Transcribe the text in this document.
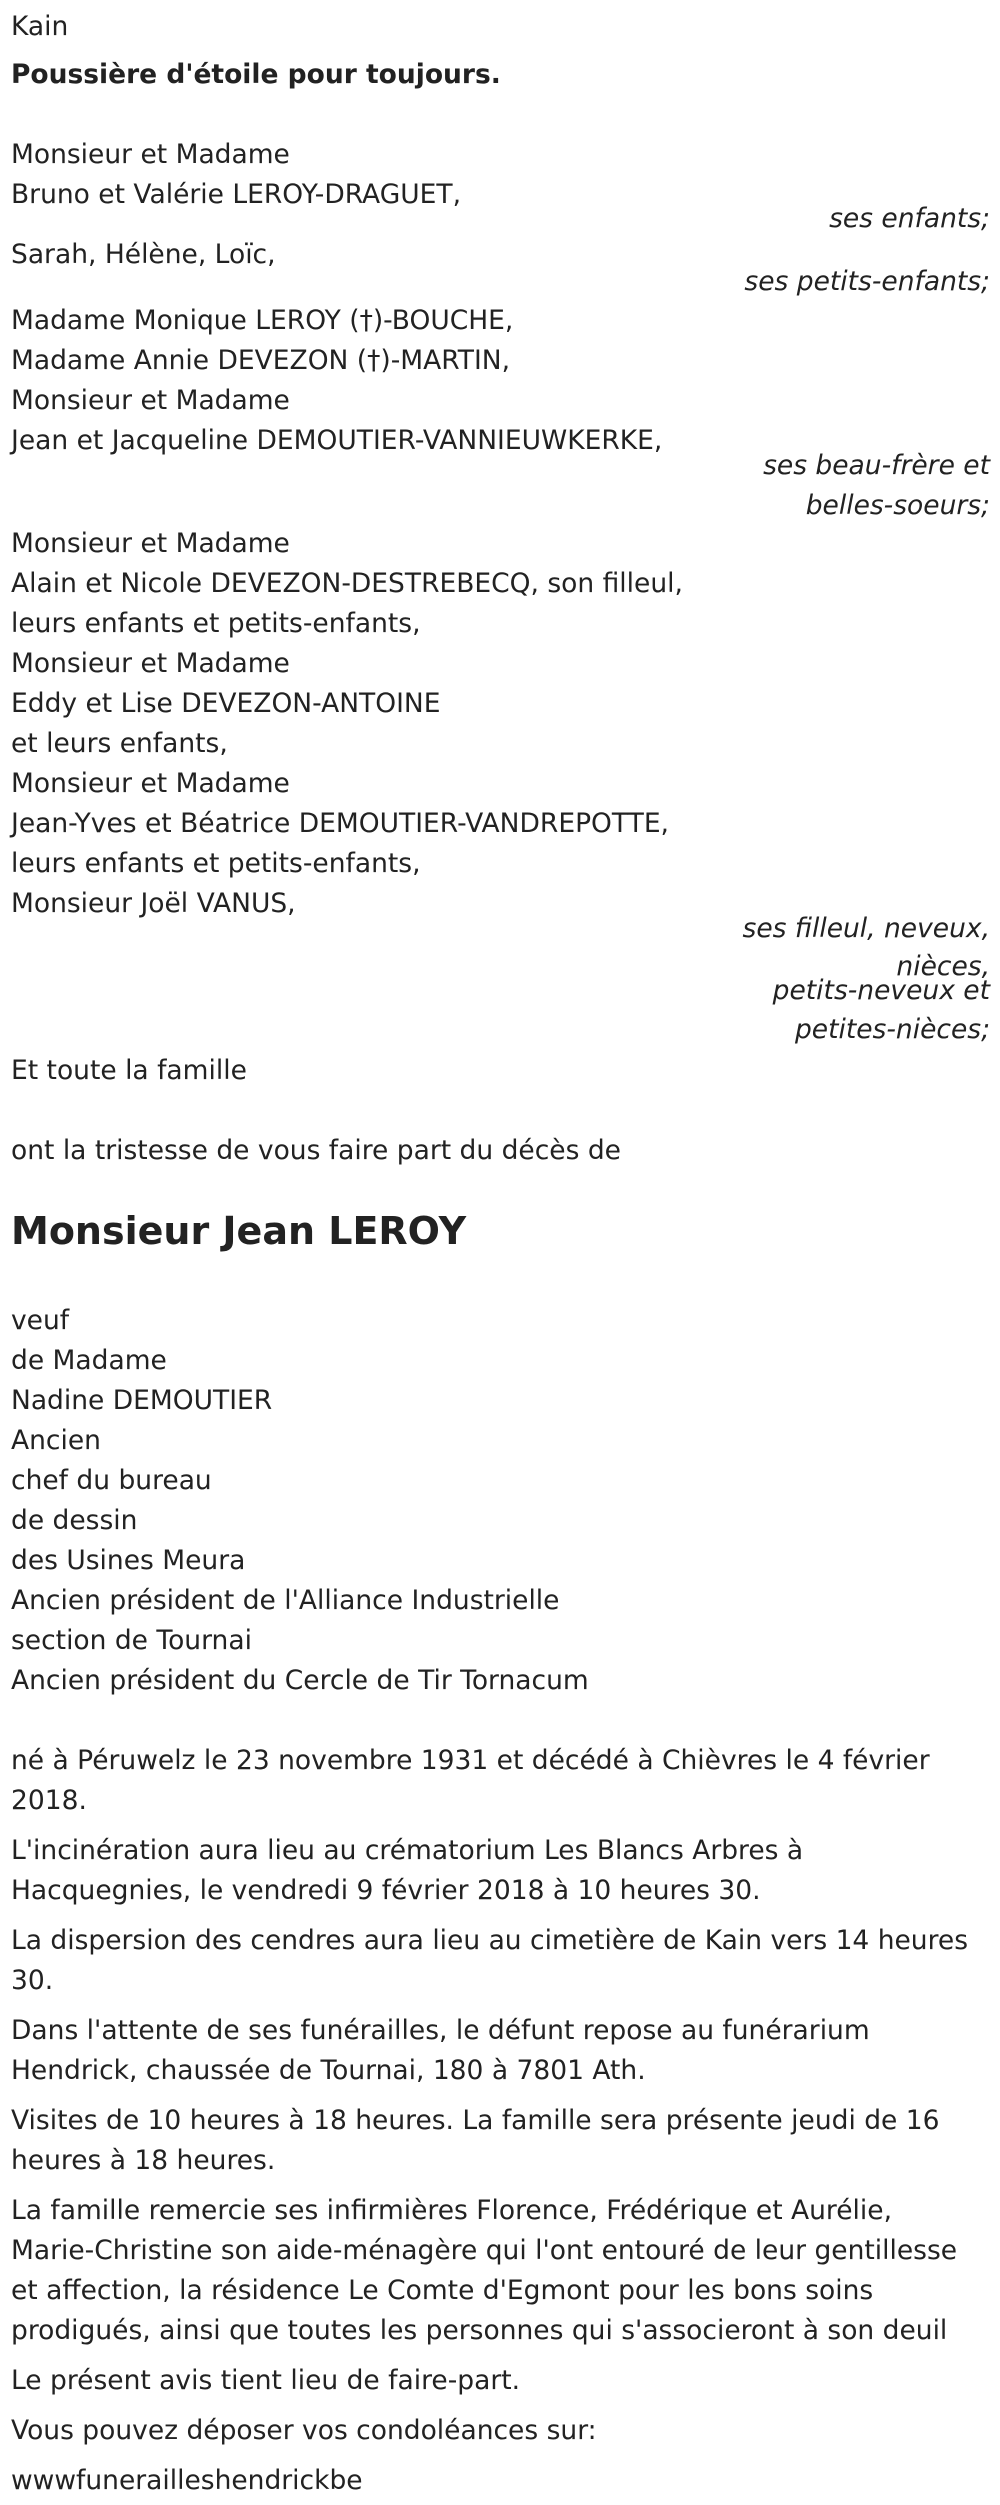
Kain
Poussière d'étoile pour toujours.
Monsieur et Madame
Bruno et Valérie LEROY-DRAGUET,
ses enfants;
Sarah, Hélène, Loïc,
ses petits-enfants;
Madame Monique LEROY (†)-BOUCHE,
Madame Annie DEVEZON (†)-MARTIN,
Monsieur et Madame
Jean et Jacqueline DEMOUTIER-VANNIEUWKERKE,
ses beau-frère et
belles-soeurs;
Monsieur et Madame
Alain et Nicole DEVEZON-DESTREBECQ, son filleul,
leurs enfants et petits-enfants,
Monsieur et Madame
Eddy et Lise DEVEZON-ANTOINE
et leurs enfants,
Monsieur et Madame
Jean-Yves et Béatrice DEMOUTIER-VANDREPOTTE,
leurs enfants et petits-enfants,
Monsieur Joël VANUS,
ses filleul, neveux,
nièces,
petits-neveux et
petites-nièces;
Et toute la famille
ont la tristesse de vous faire part du décès de
Monsieur Jean LEROY
veuf
de Madame
Nadine DEMOUTIER
Ancien
chef du bureau
de dessin
des Usines Meura
Ancien président de l'Alliance Industrielle
section de Tournai
Ancien président du Cercle de Tir Tornacum
né à Péruwelz le 23 novembre 1931 et décédé à Chièvres le 4 février
2018.
L'incinération aura lieu au crématorium Les Blancs Arbres à
Hacquegnies, le vendredi 9 février 2018 à 10 heures 30.
La dispersion des cendres aura lieu au cimetière de Kain vers 14 heures
30.
Dans l'attente de ses funérailles, le défunt repose au funérarium
Hendrick, chaussée de Tournai, 180 à 7801 Ath.
Visites de 10 heures à 18 heures. La famille sera présente jeudi de 16
heures à 18 heures.
La famille remercie ses infirmières Florence, Frédérique et Aurélie,
Marie-Christine son aide-ménagère qui l'ont entouré de leur gentillesse
et affection, la résidence Le Comte d'Egmont pour les bons soins
prodigués, ainsi que toutes les personnes qui s'associeront à son deuil
Le présent avis tient lieu de faire-part.
Vous pouvez déposer vos condoléances sur:
wwwfunerailleshendrickbe
